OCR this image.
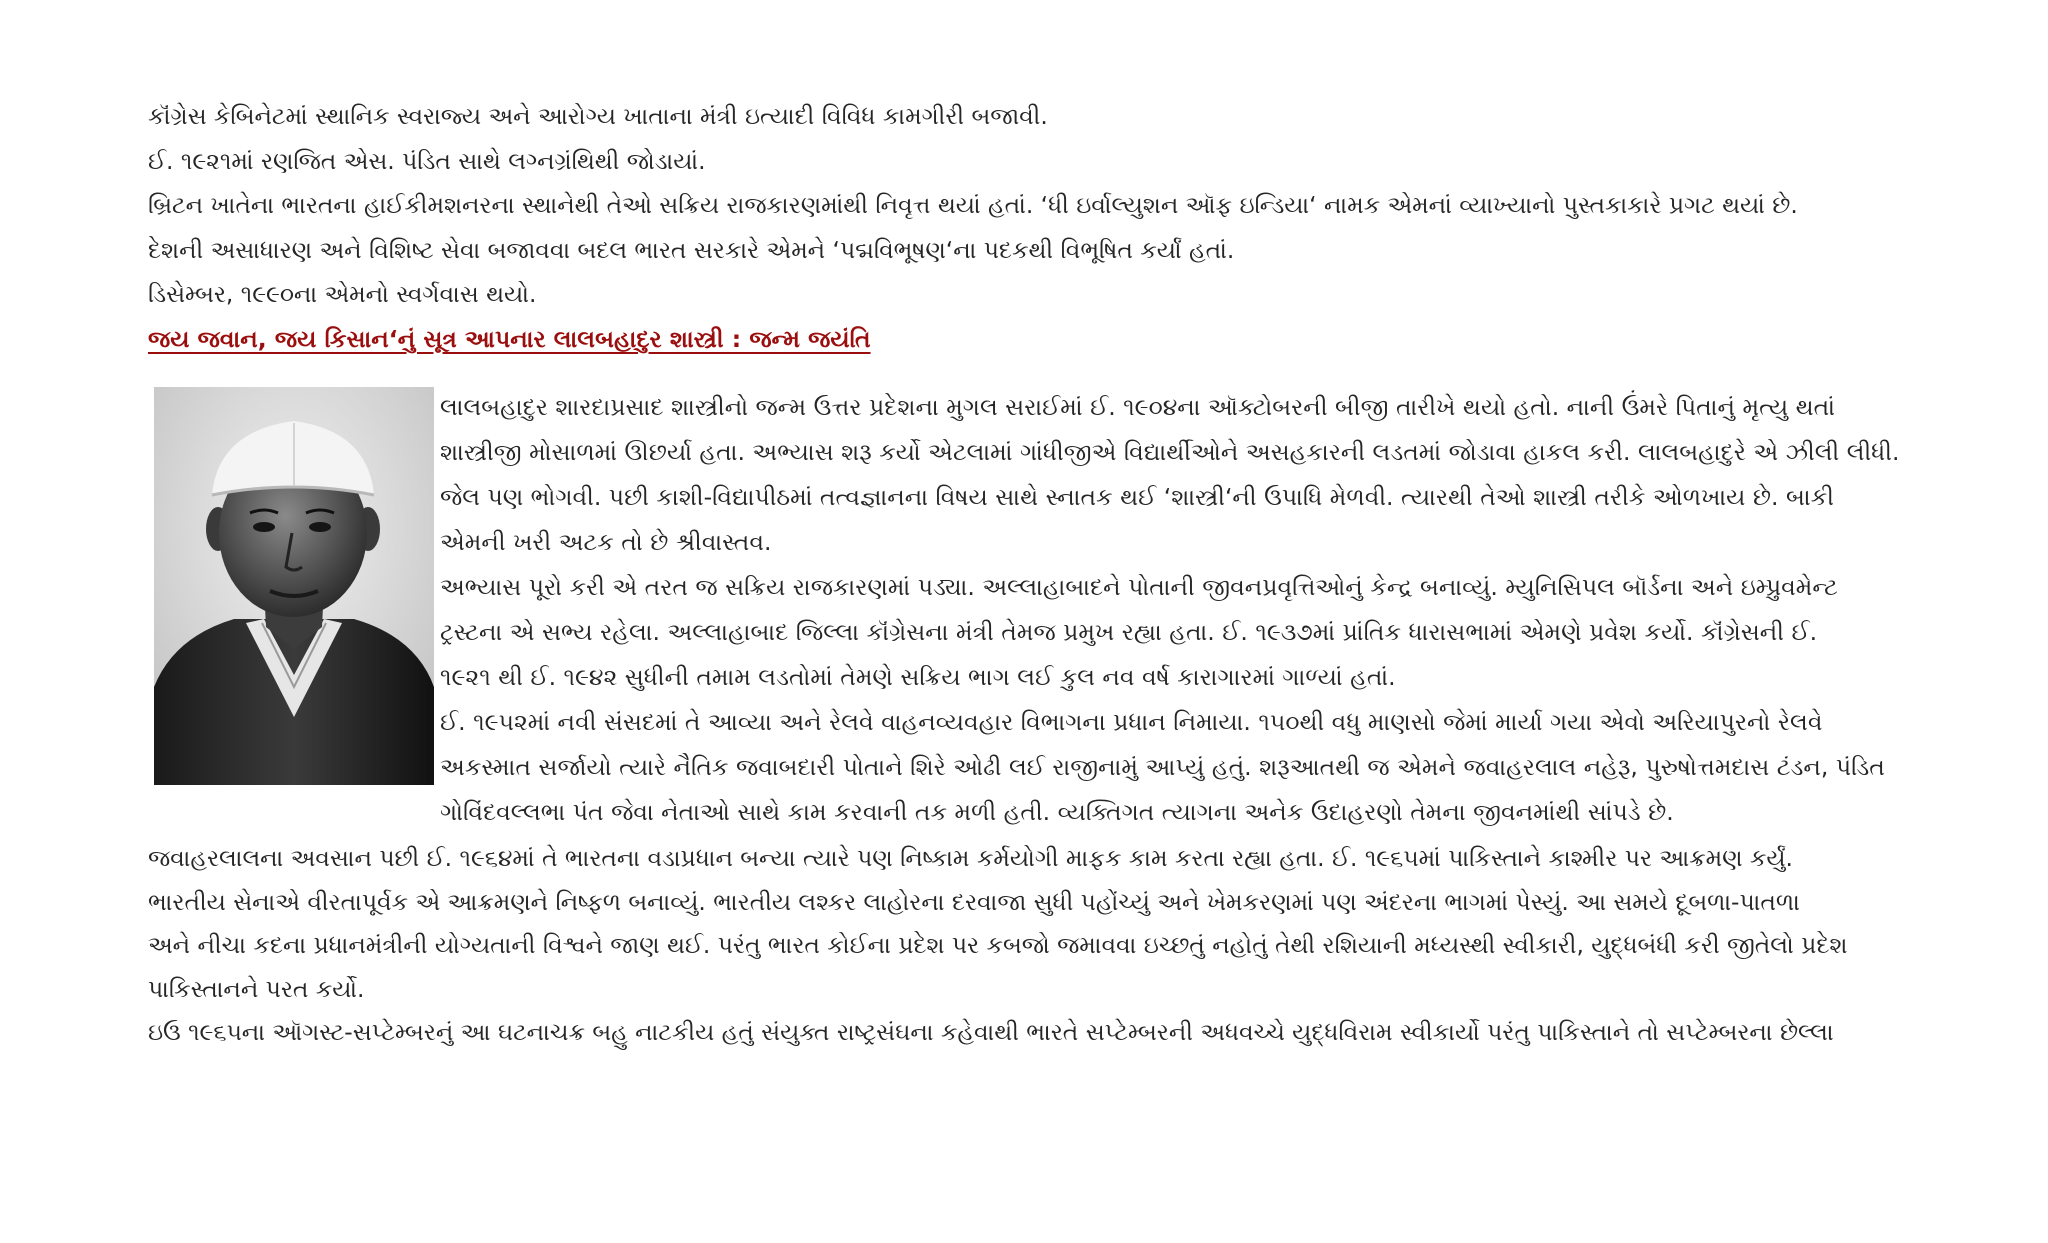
કૉંગ્રેસ કેબિનેટમાં સ્થાનિક સ્વરાજ્ય અને આરોગ્ય ખાતાના મંત્રી ઇત્યાદી વિવિધ કામગીરી બજાવી.

ઈ. ૧૯૨૧માં રણજિત એસ. પંડિત સાથે લગ્નગ્રંથિથી જોડાયાં.

બ્રિટન ખાતેના ભારતના હાઈકીમશનરના સ્થાનેથી તેઓ સક્રિય રાજકારણમાંથી નિવૃત્ત થયાં હતાં. ‘ધી ઇર્વાલ્યુશન ઑફ ઇન્ડિયા‘ નામક એમનાં વ્યાખ્યાનો પુસ્તકાકારે પ્રગટ થયાં છે.

દેશની અસાધારણ અને વિશિષ્ટ સેવા બજાવવા બદલ ભારત સરકારે એમને ‘પદ્મવિભૂષણ‘ના પદકથી વિભૂષિત કર્યાં હતાં.

ડિસેમ્બર, ૧૯૯૦ના એમનો સ્વર્ગવાસ થયો.

જય જવાન, જય કિસાન‘નું સૂત્ર આપનાર લાલબહાદુર શાસ્ત્રી : જન્મ જયંતિ

લાલબહાદુર શારદાપ્રસાદ શાસ્ત્રીનો જન્મ ઉત્તર પ્રદેશના મુગલ સરાઈમાં ઈ. ૧૯૦૪ના ઑક્ટોબરની બીજી તારીખે થયો હતો. નાની ઉંમરે પિતાનું મૃત્યુ થતાં

શાસ્ત્રીજી મોસાળમાં ઊછર્યા હતા. અભ્યાસ શરૂ કર્યો એટલામાં ગાંધીજીએ વિદ્યાર્થીઓને અસહકારની લડતમાં જોડાવા હાકલ કરી. લાલબહાદુરે એ ઝીલી લીધી.

જેલ પણ ભોગવી. પછી કાશી-વિદ્યાપીઠમાં તત્વજ્ઞાનના વિષય સાથે સ્નાતક થઈ ‘શાસ્ત્રી‘ની ઉપાધિ મેળવી. ત્યારથી તેઓ શાસ્ત્રી તરીકે ઓળખાય છે. બાકી

એમની ખરી અટક તો છે શ્રીવાસ્તવ.

અભ્યાસ પૂરો કરી એ તરત જ સક્રિય રાજકારણમાં પડ્યા. અલ્લાહાબાદને પોતાની જીવનપ્રવૃત્તિઓનું કેન્દ્ર બનાવ્યું. મ્યુનિસિપલ બૉર્ડના અને ઇમ્પ્રુવમેન્ટ

ટ્રસ્ટના એ સભ્ય રહેલા. અલ્લાહાબાદ જિલ્લા કૉંગ્રેસના મંત્રી તેમજ પ્રમુખ રહ્યા હતા. ઈ. ૧૯૩૭માં પ્રાંતિક ધારાસભામાં એમણે પ્રવેશ કર્યો. કૉંગ્રેસની ઈ.

૧૯૨૧ થી ઈ. ૧૯૪૨ સુધીની તમામ લડતોમાં તેમણે સક્રિય ભાગ લઈ કુલ નવ વર્ષ કારાગારમાં ગાળ્યાં હતાં.

ઈ. ૧૯૫૨માં નવી સંસદમાં તે આવ્યા અને રેલવે વાહનવ્યવહાર વિભાગના પ્રધાન નિમાયા. ૧૫૦થી વધુ માણસો જેમાં માર્યા ગયા એવો અરિયાપુરનો રેલવે

અકસ્માત સર્જાયો ત્યારે નૈતિક જવાબદારી પોતાને શિરે ઓઢી લઈ રાજીનામું આપ્યું હતું. શરૂઆતથી જ એમને જવાહરલાલ નહેરૂ, પુરુષોત્તમદાસ ટંડન, પંડિત

ગોવિંદવલ્લભા પંત જેવા નેતાઓ સાથે કામ કરવાની તક મળી હતી. વ્યક્તિગત ત્યાગના અનેક ઉદાહરણો તેમના જીવનમાંથી સાંપડે છે.

જવાહરલાલના અવસાન પછી ઈ. ૧૯૬૪માં તે ભારતના વડાપ્રધાન બન્યા ત્યારે પણ નિષ્કામ કર્મયોગી માફક કામ કરતા રહ્યા હતા. ઈ. ૧૯૬૫માં પાકિસ્તાને કાશ્મીર પર આક્રમણ કર્યું.

ભારતીય સેનાએ વીરતાપૂર્વક એ આક્રમણને નિષ્ફળ બનાવ્યું. ભારતીય લશ્કર લાહોરના દરવાજા સુધી પહોંચ્યું અને ખેમકરણમાં પણ અંદરના ભાગમાં પેસ્યું. આ સમયે દૂબળા-પાતળા

અને નીચા કદના પ્રધાનમંત્રીની યોગ્યતાની વિશ્વને જાણ થઈ. પરંતુ ભારત કોઈના પ્રદેશ પર કબજો જમાવવા ઇચ્છતું નહોતું તેથી રશિયાની મધ્યસ્થી સ્વીકારી, યુદ્ધબંધી કરી જીતેલો પ્રદેશ

પાકિસ્તાનને પરત કર્યો.

ઇઉ ૧૯૬૫ના ઑગસ્ટ-સપ્ટેમ્બરનું આ ઘટનાચક્ર બહુ નાટકીય હતું સંયુક્ત રાષ્ટ્રસંઘના કહેવાથી ભારતે સપ્ટેમ્બરની અધવચ્ચે યુદ્ધવિરામ સ્વીકાર્યો પરંતુ પાકિસ્તાને તો સપ્ટેમ્બરના છેલ્લા
